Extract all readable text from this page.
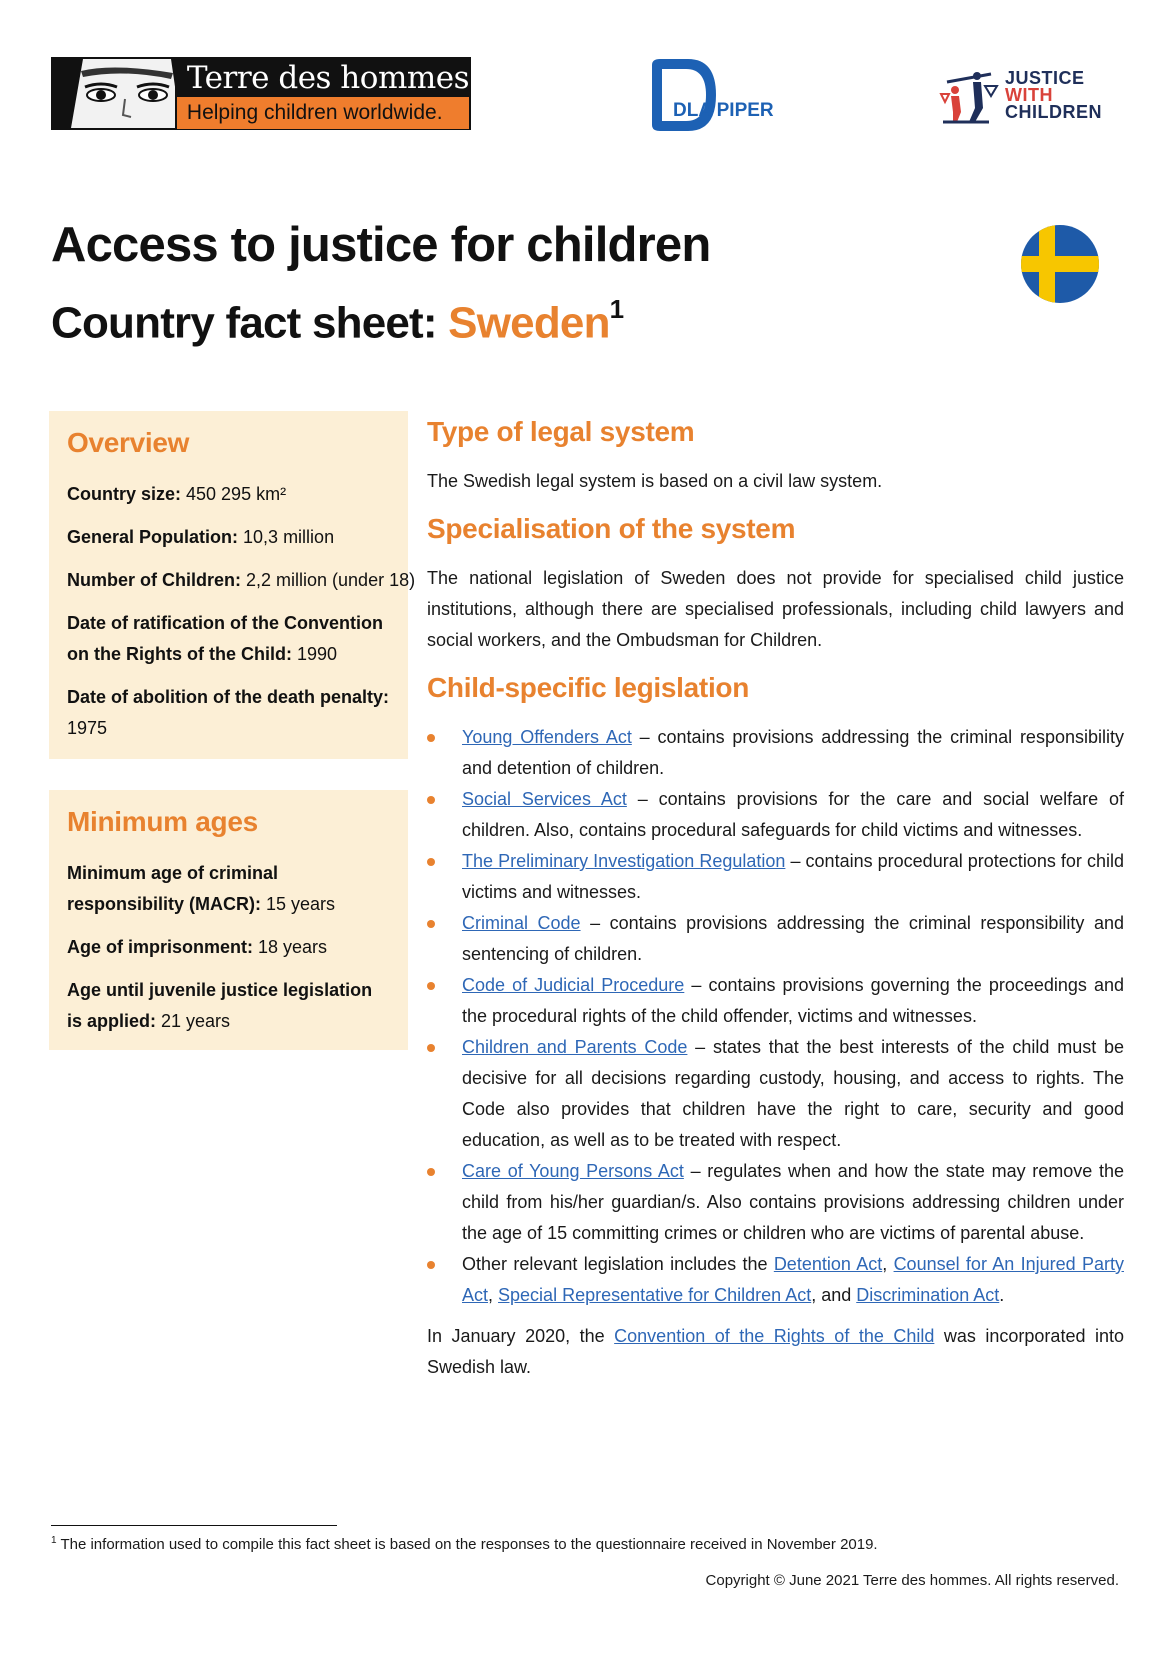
Terre des hommes
Helping children worldwide.	DLA PIPER
JUSTICE
WITH
CHILDREN
Access to justice for children
Country fact sheet: Sweden$^1$
Overview
Country size: 450 295 km²
General Population: 10,3 million
Number of Children: 2,2 million (under 18)
Date of ratification of the Convention on the Rights of the Child: 1990
Date of abolition of the death penalty: 1975
Minimum ages
Minimum age of criminal responsibility (MACR): 15 years
Age of imprisonment: 18 years
Age until juvenile justice legislation is applied: 21 years
Type of legal system

The Swedish legal system is based on a civil law system.

Specialisation of the system

The national legislation of Sweden does not provide for specialised child justice institutions, although there are specialised professionals, including child lawyers and social workers, and the Ombudsman for Children.

Child-specific legislation
Young Offenders Act – contains provisions addressing the criminal responsibility and detention of children.
Social Services Act – contains provisions for the care and social welfare of children. Also, contains procedural safeguards for child victims and witnesses.
The Preliminary Investigation Regulation – contains procedural protections for child victims and witnesses.
Criminal Code – contains provisions addressing the criminal responsibility and sentencing of children.
Code of Judicial Procedure – contains provisions governing the proceedings and the procedural rights of the child offender, victims and witnesses.
Children and Parents Code – states that the best interests of the child must be decisive for all decisions regarding custody, housing, and access to rights. The Code also provides that children have the right to care, security and good education, as well as to be treated with respect.
Care of Young Persons Act – regulates when and how the state may remove the child from his/her guardian/s. Also contains provisions addressing children under the age of 15 committing crimes or children who are victims of parental abuse.
Other relevant legislation includes the Detention Act, Counsel for An Injured Party Act, Special Representative for Children Act, and Discrimination Act.

In January 2020, the Convention of the Rights of the Child was incorporated into Swedish law.

$^1$ The information used to compile this fact sheet is based on the responses to the questionnaire received in November 2019.
Copyright © June 2021 Terre des hommes. All rights reserved.
